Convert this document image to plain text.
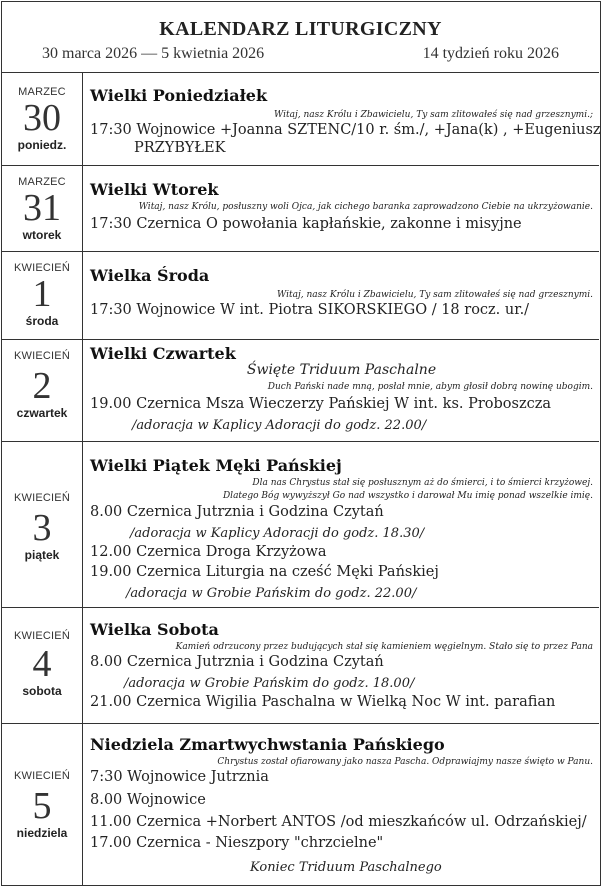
KALENDARZ LITURGICZNY
30 marca 2026 — 5 kwietnia 2026	14 tydzień roku 2026
MARZEC
30
poniedz.
Wielki Poniedziałek
Witaj, nasz Królu i Zbawicielu, Ty sam zlitowałeś się nad grzesznymi.;
17:30 Wojnowice +Joanna SZTENC/10 r. śm./, +Jana(k) , +Eugeniusz
PRZYBYŁEK
MARZEC
31
wtorek
Wielki Wtorek
Witaj, nasz Królu, posłuszny woli Ojca, jak cichego baranka zaprowadzono Ciebie na ukrzyżowanie.
17:30 Czernica O powołania kapłańskie, zakonne i misyjne
KWIECIEŃ
1
środa
Wielka Środa
Witaj, nasz Królu i Zbawicielu, Ty sam zlitowałeś się nad grzesznymi.
17:30 Wojnowice W int. Piotra SIKORSKIEGO / 18 rocz. ur./
KWIECIEŃ
2
czwartek
Wielki Czwartek
Święte Triduum Paschalne
Duch Pański nade mną, posłał mnie, abym głosił dobrą nowinę ubogim.
19.00 Czernica Msza Wieczerzy Pańskiej W int. ks. Proboszcza
/adoracja w Kaplicy Adoracji do godz. 22.00/
KWIECIEŃ
3
piątek
Wielki Piątek Męki Pańskiej
Dla nas Chrystus stał się posłusznym aż do śmierci, i to śmierci krzyżowej.
Dlatego Bóg wywyższył Go nad wszystko i darował Mu imię ponad wszelkie imię.
8.00 Czernica Jutrznia i Godzina Czytań
/adoracja w Kaplicy Adoracji do godz. 18.30/
12.00 Czernica Droga Krzyżowa
19.00 Czernica Liturgia na cześć Męki Pańskiej
/adoracja w Grobie Pańskim do godz. 22.00/
KWIECIEŃ
4
sobota
Wielka Sobota
Kamień odrzucony przez budujących stał się kamieniem węgielnym. Stało się to przez Pana
8.00 Czernica Jutrznia i Godzina Czytań
/adoracja w Grobie Pańskim do godz. 18.00/
21.00 Czernica Wigilia Paschalna w Wielką Noc W int. parafian
KWIECIEŃ
5
niedziela
Niedziela Zmartwychwstania Pańskiego
Chrystus został ofiarowany jako nasza Pascha. Odprawiajmy nasze święto w Panu.
7:30 Wojnowice Jutrznia
8.00 Wojnowice
11.00 Czernica +Norbert ANTOS /od mieszkańców ul. Odrzańskiej/
17.00 Czernica - Nieszpory "chrzcielne"
Koniec Triduum Paschalnego
